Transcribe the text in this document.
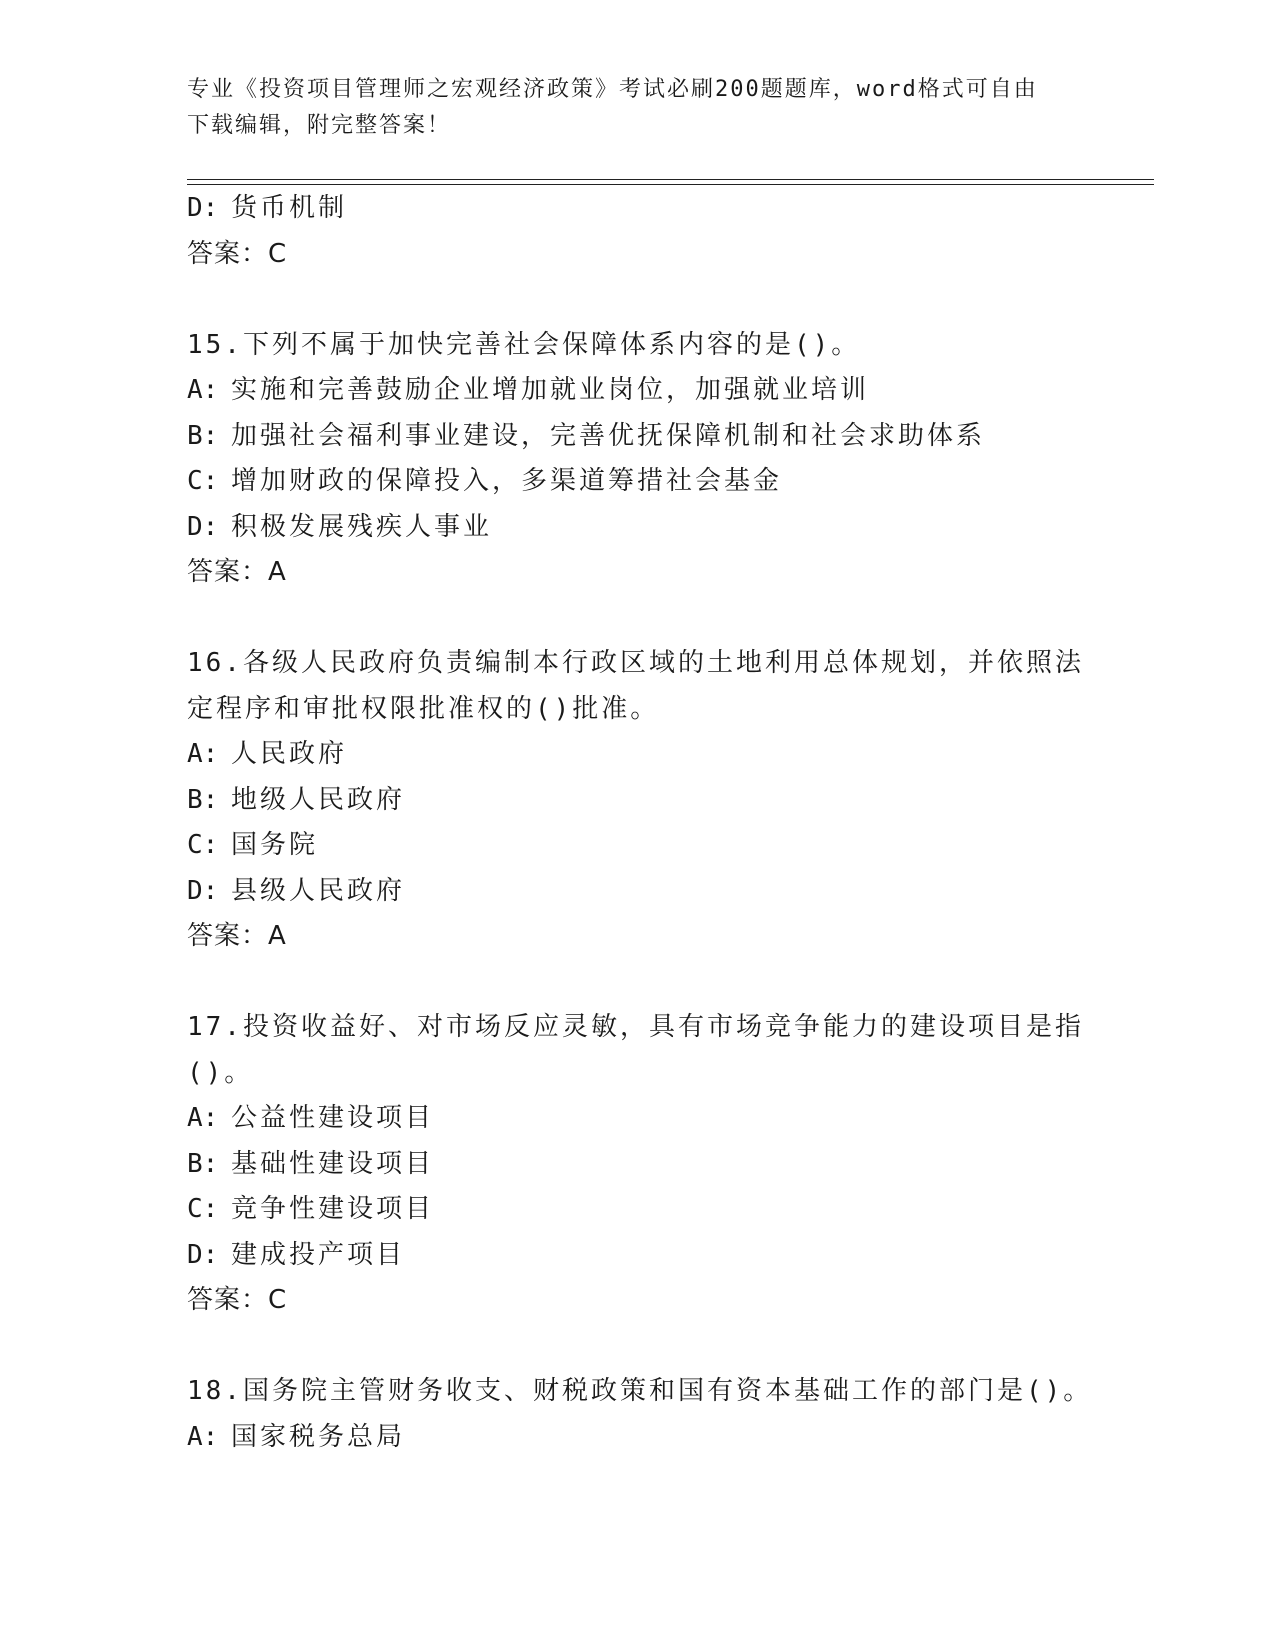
专业《投资项目管理师之宏观经济政策》考试必刷200题题库，word格式可自由
下载编辑，附完整答案！
D: 货币机制
答案：C
15.下列不属于加快完善社会保障体系内容的是()。
A: 实施和完善鼓励企业增加就业岗位，加强就业培训
B: 加强社会福利事业建设，完善优抚保障机制和社会求助体系
C: 增加财政的保障投入，多渠道筹措社会基金
D: 积极发展残疾人事业
答案：A
16.各级人民政府负责编制本行政区域的土地利用总体规划，并依照法
定程序和审批权限批准权的()批准。
A: 人民政府
B: 地级人民政府
C: 国务院
D: 县级人民政府
答案：A
17.投资收益好、对市场反应灵敏，具有市场竞争能力的建设项目是指
()。
A: 公益性建设项目
B: 基础性建设项目
C: 竞争性建设项目
D: 建成投产项目
答案：C
18.国务院主管财务收支、财税政策和国有资本基础工作的部门是()。
A: 国家税务总局
